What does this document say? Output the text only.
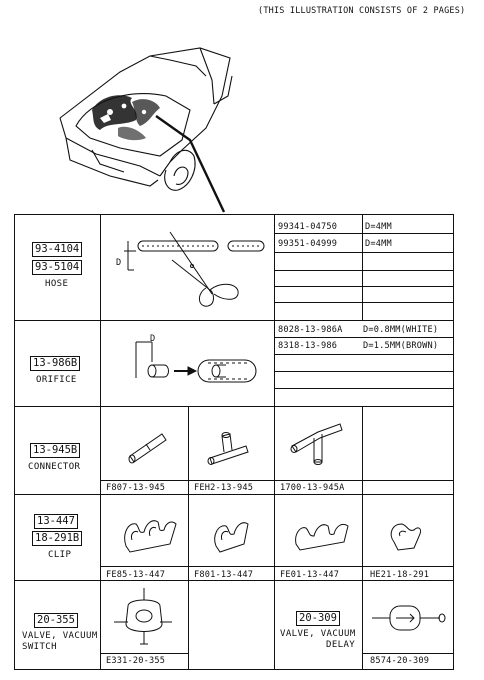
(THIS ILLUSTRATION CONSISTS OF 2 PAGES)
93-4104
93-5104
HOSE
D
99341-04750	D=4MM
99351-04999	D=4MM
13-986B
ORIFICE
D
8028-13-986A D=0.8MM(WHITE)
8318-13-986	D=1.5MM(BROWN)
13-945B
CONNECTOR
F807-13-945	FEH2-13-945	1700-13-945A
13-447
18-291B
CLIP
FE85-13-447	F801-13-447	FE01-13-447	HE21-18-291
20-355
VALVE, VACUUM
SWITCH
E331-20-355
20-309
VALVE, VACUUM
DELAY
8574-20-309
